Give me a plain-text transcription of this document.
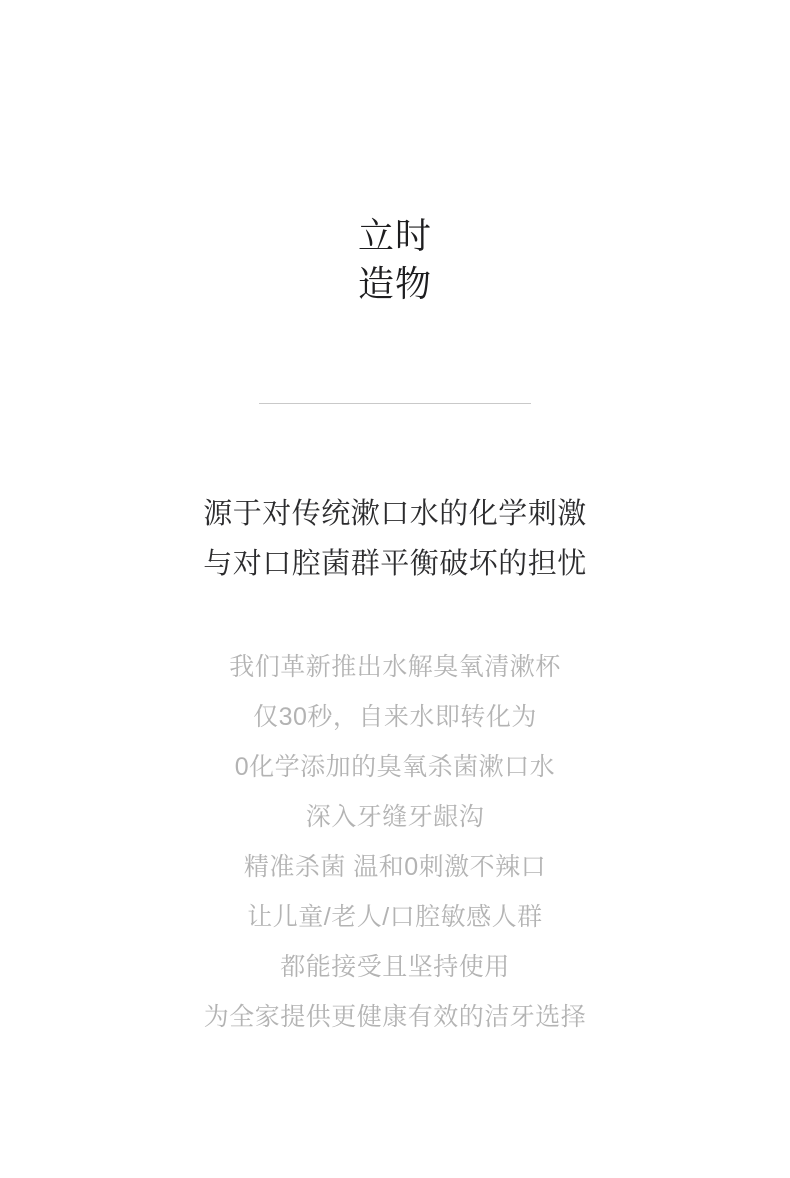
立时
造物
源于对传统漱口水的化学刺激
与对口腔菌群平衡破坏的担忧
我们革新推出水解臭氧清漱杯
仅30秒，自来水即转化为
0化学添加的臭氧杀菌漱口水
深入牙缝牙龈沟
精准杀菌 温和0刺激不辣口
让儿童/老人/口腔敏感人群
都能接受且坚持使用
为全家提供更健康有效的洁牙选择
